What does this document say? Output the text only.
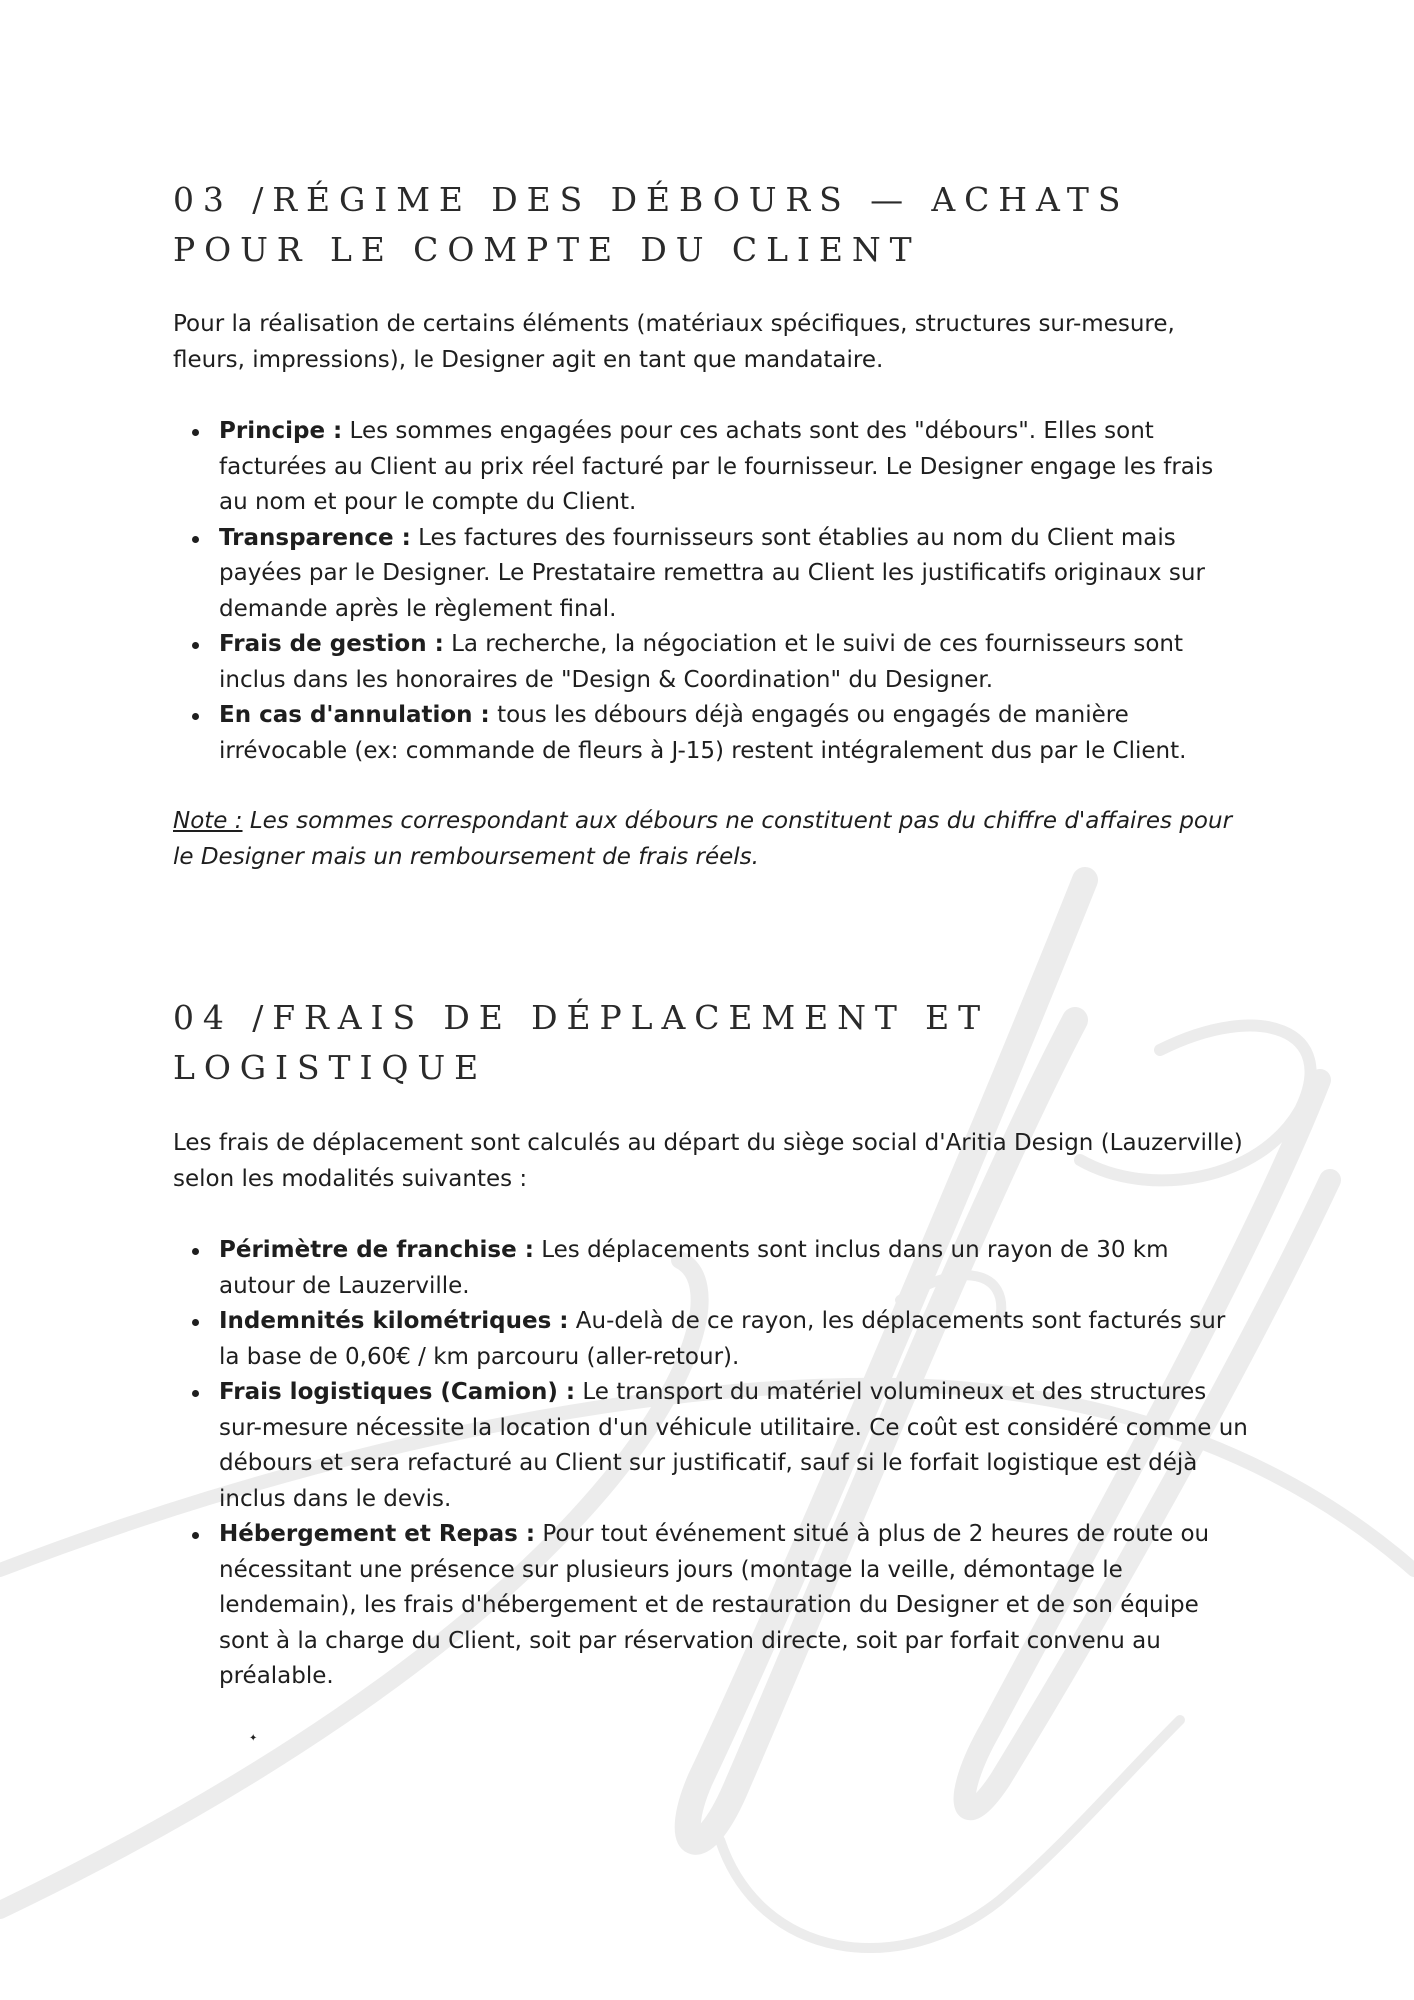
03 /RÉGIME DES DÉBOURS — ACHATS POUR LE COMPTE DU CLIENT

Pour la réalisation de certains éléments (matériaux spécifiques, structures sur-mesure, fleurs, impressions), le Designer agit en tant que mandataire.

Principe : Les sommes engagées pour ces achats sont des "débours". Elles sont facturées au Client au prix réel facturé par le fournisseur. Le Designer engage les frais au nom et pour le compte du Client.
Transparence : Les factures des fournisseurs sont établies au nom du Client mais payées par le Designer. Le Prestataire remettra au Client les justificatifs originaux sur demande après le règlement final.
Frais de gestion : La recherche, la négociation et le suivi de ces fournisseurs sont inclus dans les honoraires de "Design & Coordination" du Designer.
En cas d'annulation : tous les débours déjà engagés ou engagés de manière irrévocable (ex: commande de fleurs à J-15) restent intégralement dus par le Client.

Note : Les sommes correspondant aux débours ne constituent pas du chiffre d'affaires pour le Designer mais un remboursement de frais réels.

04 /FRAIS DE DÉPLACEMENT ET LOGISTIQUE

Les frais de déplacement sont calculés au départ du siège social d'Aritia Design (Lauzerville) selon les modalités suivantes :

Périmètre de franchise : Les déplacements sont inclus dans un rayon de 30 km autour de Lauzerville.
Indemnités kilométriques : Au-delà de ce rayon, les déplacements sont facturés sur la base de 0,60€ / km parcouru (aller-retour).
Frais logistiques (Camion) : Le transport du matériel volumineux et des structures sur-mesure nécessite la location d'un véhicule utilitaire. Ce coût est considéré comme un débours et sera refacturé au Client sur justificatif, sauf si le forfait logistique est déjà inclus dans le devis.
Hébergement et Repas : Pour tout événement situé à plus de 2 heures de route ou nécessitant une présence sur plusieurs jours (montage la veille, démontage le lendemain), les frais d'hébergement et de restauration du Designer et de son équipe sont à la charge du Client, soit par réservation directe, soit par forfait convenu au préalable.
✦
